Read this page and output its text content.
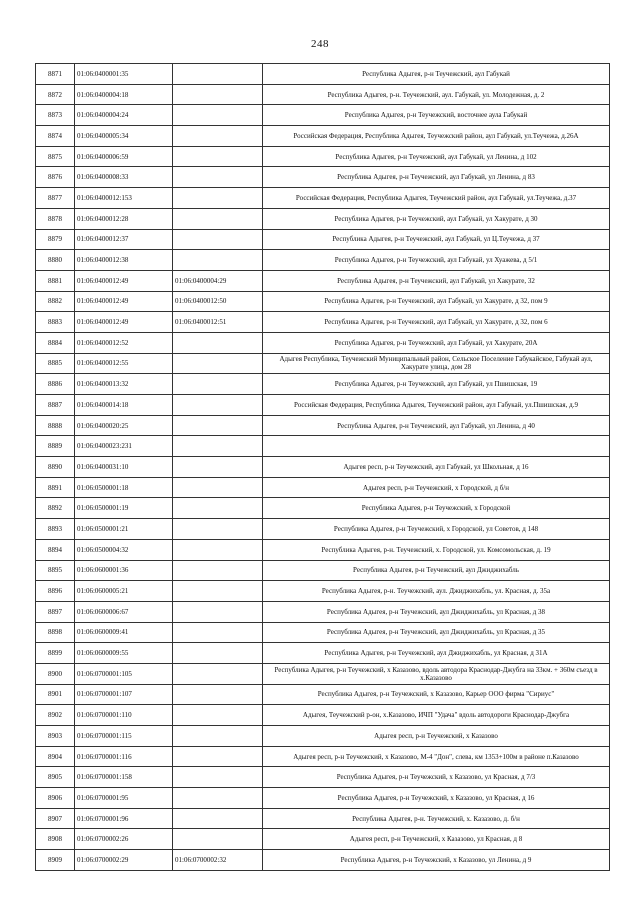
248
8871	01:06:0400001:35		Республика Адыгея, р-н Теучежский, аул Габукай
8872	01:06:0400004:18		Республика Адыгея, р-н. Теучежский, аул. Габукай, ул. Молодежная, д. 2
8873	01:06:0400004:24		Республика Адыгея, р-н Теучежский, восточнее аула Габукай
8874	01:06:0400005:34		Российская Федерация, Республика Адыгея, Теучежский район, аул Габукай, ул.Теучежа, д.26А
8875	01:06:0400006:59		Республика Адыгея, р-н Теучежский, аул Габукай, ул Ленина, д 102
8876	01:06:0400008:33		Республика Адыгея, р-н Теучежский, аул Габукай, ул Ленина, д 83
8877	01:06:0400012:153		Российская Федерация, Республика Адыгея, Теучежский район, аул Габукай, ул.Теучежа, д.37
8878	01:06:0400012:28		Республика Адыгея, р-н Теучежский, аул Габукай, ул Хакурате, д 30
8879	01:06:0400012:37		Республика Адыгея, р-н Теучежский, аул Габукай, ул Ц.Теучежа, д 37
8880	01:06:0400012:38		Республика Адыгея, р-н Теучежский, аул Габукай, ул Хуажева, д 5/1
8881	01:06:0400012:49	01:06:0400004:29	Республика Адыгея, р-н Теучежский, аул Габукай, ул Хакурате, 32
8882	01:06:0400012:49	01:06:0400012:50	Республика Адыгея, р-н Теучежский, аул Габукай, ул Хакурате, д 32, пом 9
8883	01:06:0400012:49	01:06:0400012:51	Республика Адыгея, р-н Теучежский, аул Габукай, ул Хакурате, д 32, пом 6
8884	01:06:0400012:52		Республика Адыгея, р-н Теучежский, аул Габукай, ул Хакурате, 20А
8885	01:06:0400012:55		Адыгея Республика, Теучежский Муниципальный район, Сельское Поселение Габукайское, Габукай аул, Хакурате улица, дом 28
8886	01:06:0400013:32		Республика Адыгея, р-н Теучежский, аул Габукай, ул Пшишская, 19
8887	01:06:0400014:18		Российская Федерация, Республика Адыгея, Теучежский район, аул Габукай, ул.Пшишская, д.9
8888	01:06:0400020:25		Республика Адыгея, р-н Теучежский, аул Габукай, ул Ленина, д 40
8889	01:06:0400023:231		
8890	01:06:0400031:10		Адыгея респ, р-н Теучежский, аул Габукай, ул Школьная, д 16
8891	01:06:0500001:18		Адыгея респ, р-н Теучежский, х Городской, д б/н
8892	01:06:0500001:19		Республика Адыгея, р-н Теучежский, х Городской
8893	01:06:0500001:21		Республика Адыгея, р-н Теучежский, х Городской, ул Советов, д 148
8894	01:06:0500004:32		Республика Адыгея, р-н. Теучежский, х. Городской, ул. Комсомольская, д. 19
8895	01:06:0600001:36		Республика Адыгея, р-н Теучежский, аул Джиджихабль
8896	01:06:0600005:21		Республика Адыгея, р-н. Теучежский, аул. Джиджихабль, ул. Красная, д. 35а
8897	01:06:0600006:67		Республика Адыгея, р-н Теучежский, аул Джиджихабль, ул Красная, д 38
8898	01:06:0600009:41		Республика Адыгея, р-н Теучежский, аул Джиджихабль, ул Красная, д 35
8899	01:06:0600009:55		Республика Адыгея, р-н Теучежский, аул Джиджихабль, ул Красная, д 31А
8900	01:06:0700001:105		Республика Адыгея, р-н Теучежский, х Казазово, вдоль автодора Краснодар-Джубга на 33км. + 360м съезд в х.Казазово
8901	01:06:0700001:107		Республика Адыгея, р-н Теучежский, х Казазово, Карьер ООО фирма "Сириус"
8902	01:06:0700001:110		Адыгея, Теучежский р-он, х.Казазово, ИЧП "Удача" вдоль автодороги Краснодар-Джубга
8903	01:06:0700001:115		Адыгея респ, р-н Теучежский, х Казазово
8904	01:06:0700001:116		Адыгея респ, р-н Теучежский, х Казазово, М-4 "Дон", слева, км 1353+100м в районе п.Казазово
8905	01:06:0700001:158		Республика Адыгея, р-н Теучежский, х Казазово, ул Красная, д 7/3
8906	01:06:0700001:95		Республика Адыгея, р-н Теучежский, х Казазово, ул Красная, д 16
8907	01:06:0700001:96		Республика Адыгея, р-н. Теучежский, х. Казазово, д. б/н
8908	01:06:0700002:26		Адыгея респ, р-н Теучежский, х Казазово, ул Красная, д 8
8909	01:06:0700002:29	01:06:0700002:32	Республика Адыгея, р-н Теучежский, х Казазово, ул Ленина, д 9
